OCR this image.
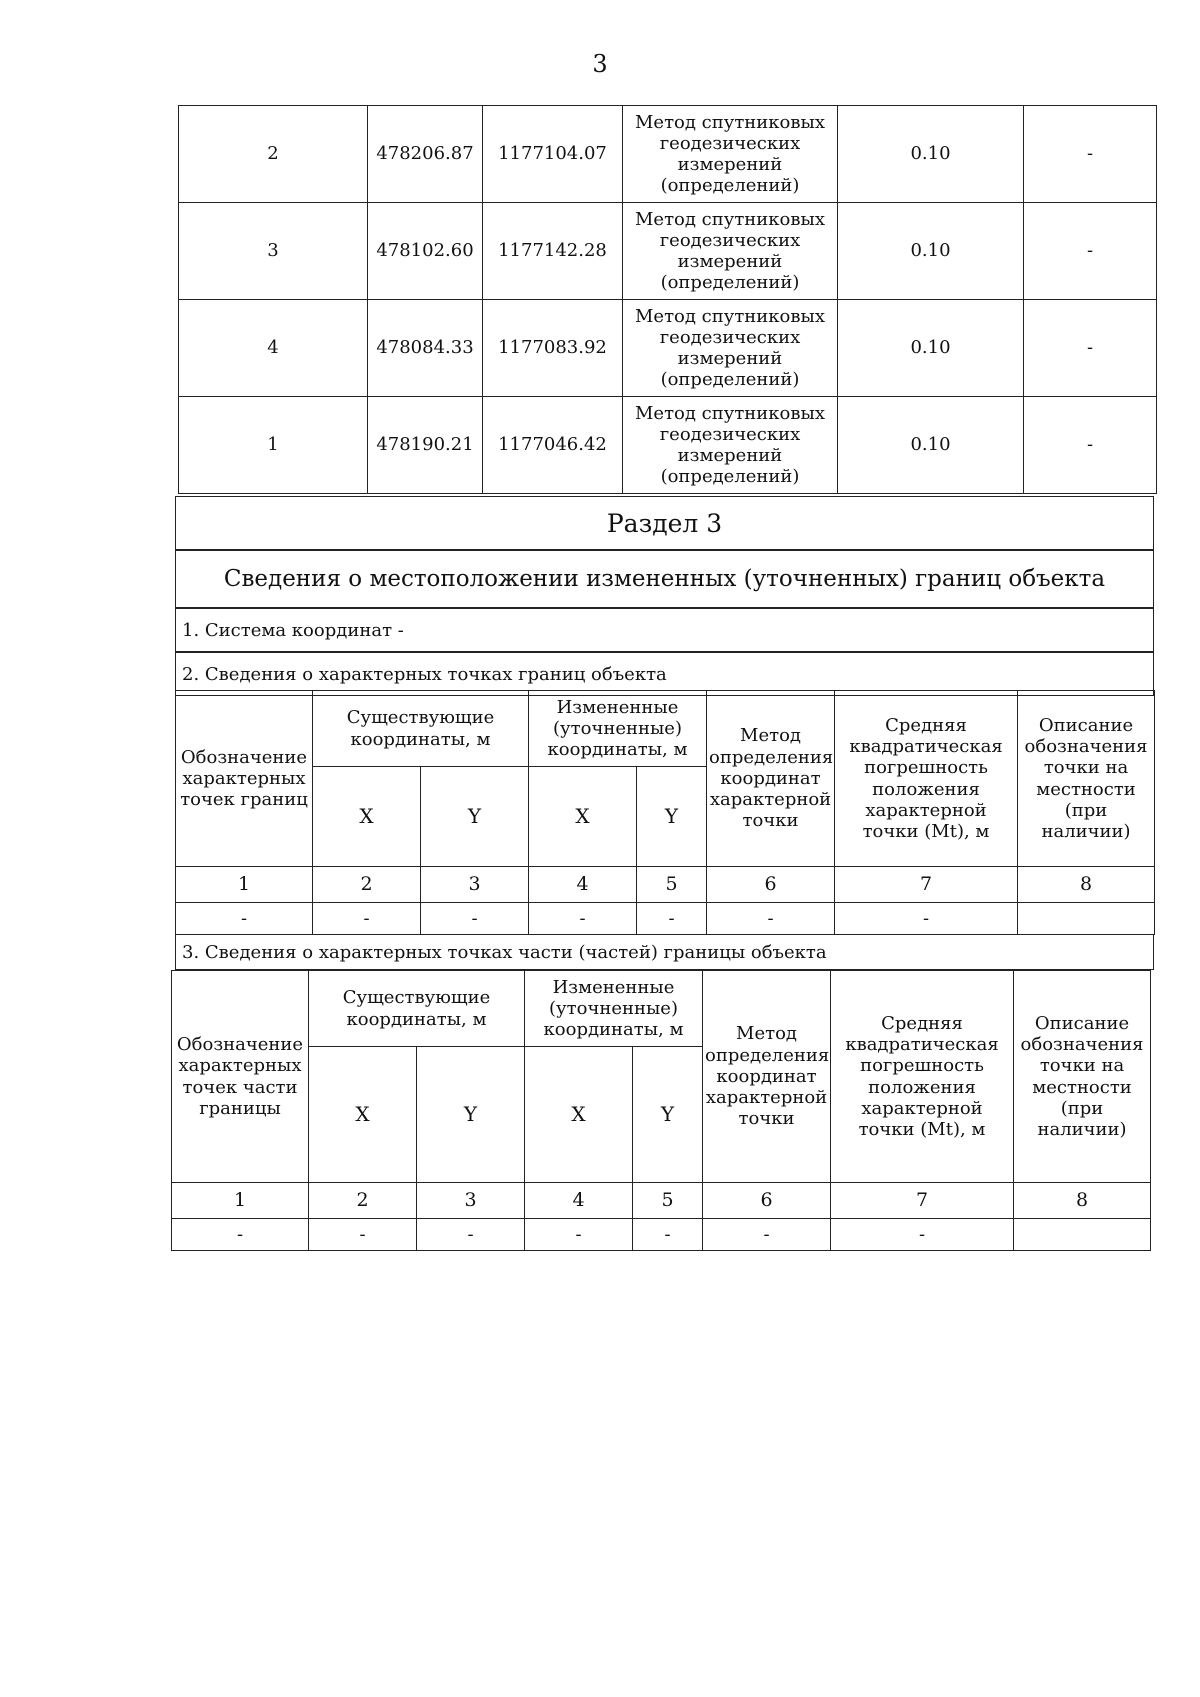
3
2	478206.87	1177104.07	Метод спутниковых геодезических измерений (определений)	0.10	-
3	478102.60	1177142.28	Метод спутниковых геодезических измерений (определений)	0.10	-
4	478084.33	1177083.92	Метод спутниковых геодезических измерений (определений)	0.10	-
1	478190.21	1177046.42	Метод спутниковых геодезических измерений (определений)	0.10	-
Раздел 3
Сведения о местоположении измененных (уточненных) границ объекта
1. Система координат -
2. Сведения о характерных точках границ объекта
Обозначение характерных точек границ	Существующие координаты, м		Измененные (уточненные) координаты, м		Метод определения координат характерной точки	Средняя квадратическая погрешность положения характерной точки (Mt), м	Описание обозначения точки на местности (при наличии)
	X	Y	X	Y			
1	2	3	4	5	6	7	8
-	-	-	-	-	-	-	
3. Сведения о характерных точках части (частей) границы объекта
Обозначение характерных точек части границы	Существующие координаты, м		Измененные (уточненные) координаты, м		Метод определения координат характерной точки	Средняя квадратическая погрешность положения характерной точки (Mt), м	Описание обозначения точки на местности (при наличии)
	X	Y	X	Y			
1	2	3	4	5	6	7	8
-	-	-	-	-	-	-	
